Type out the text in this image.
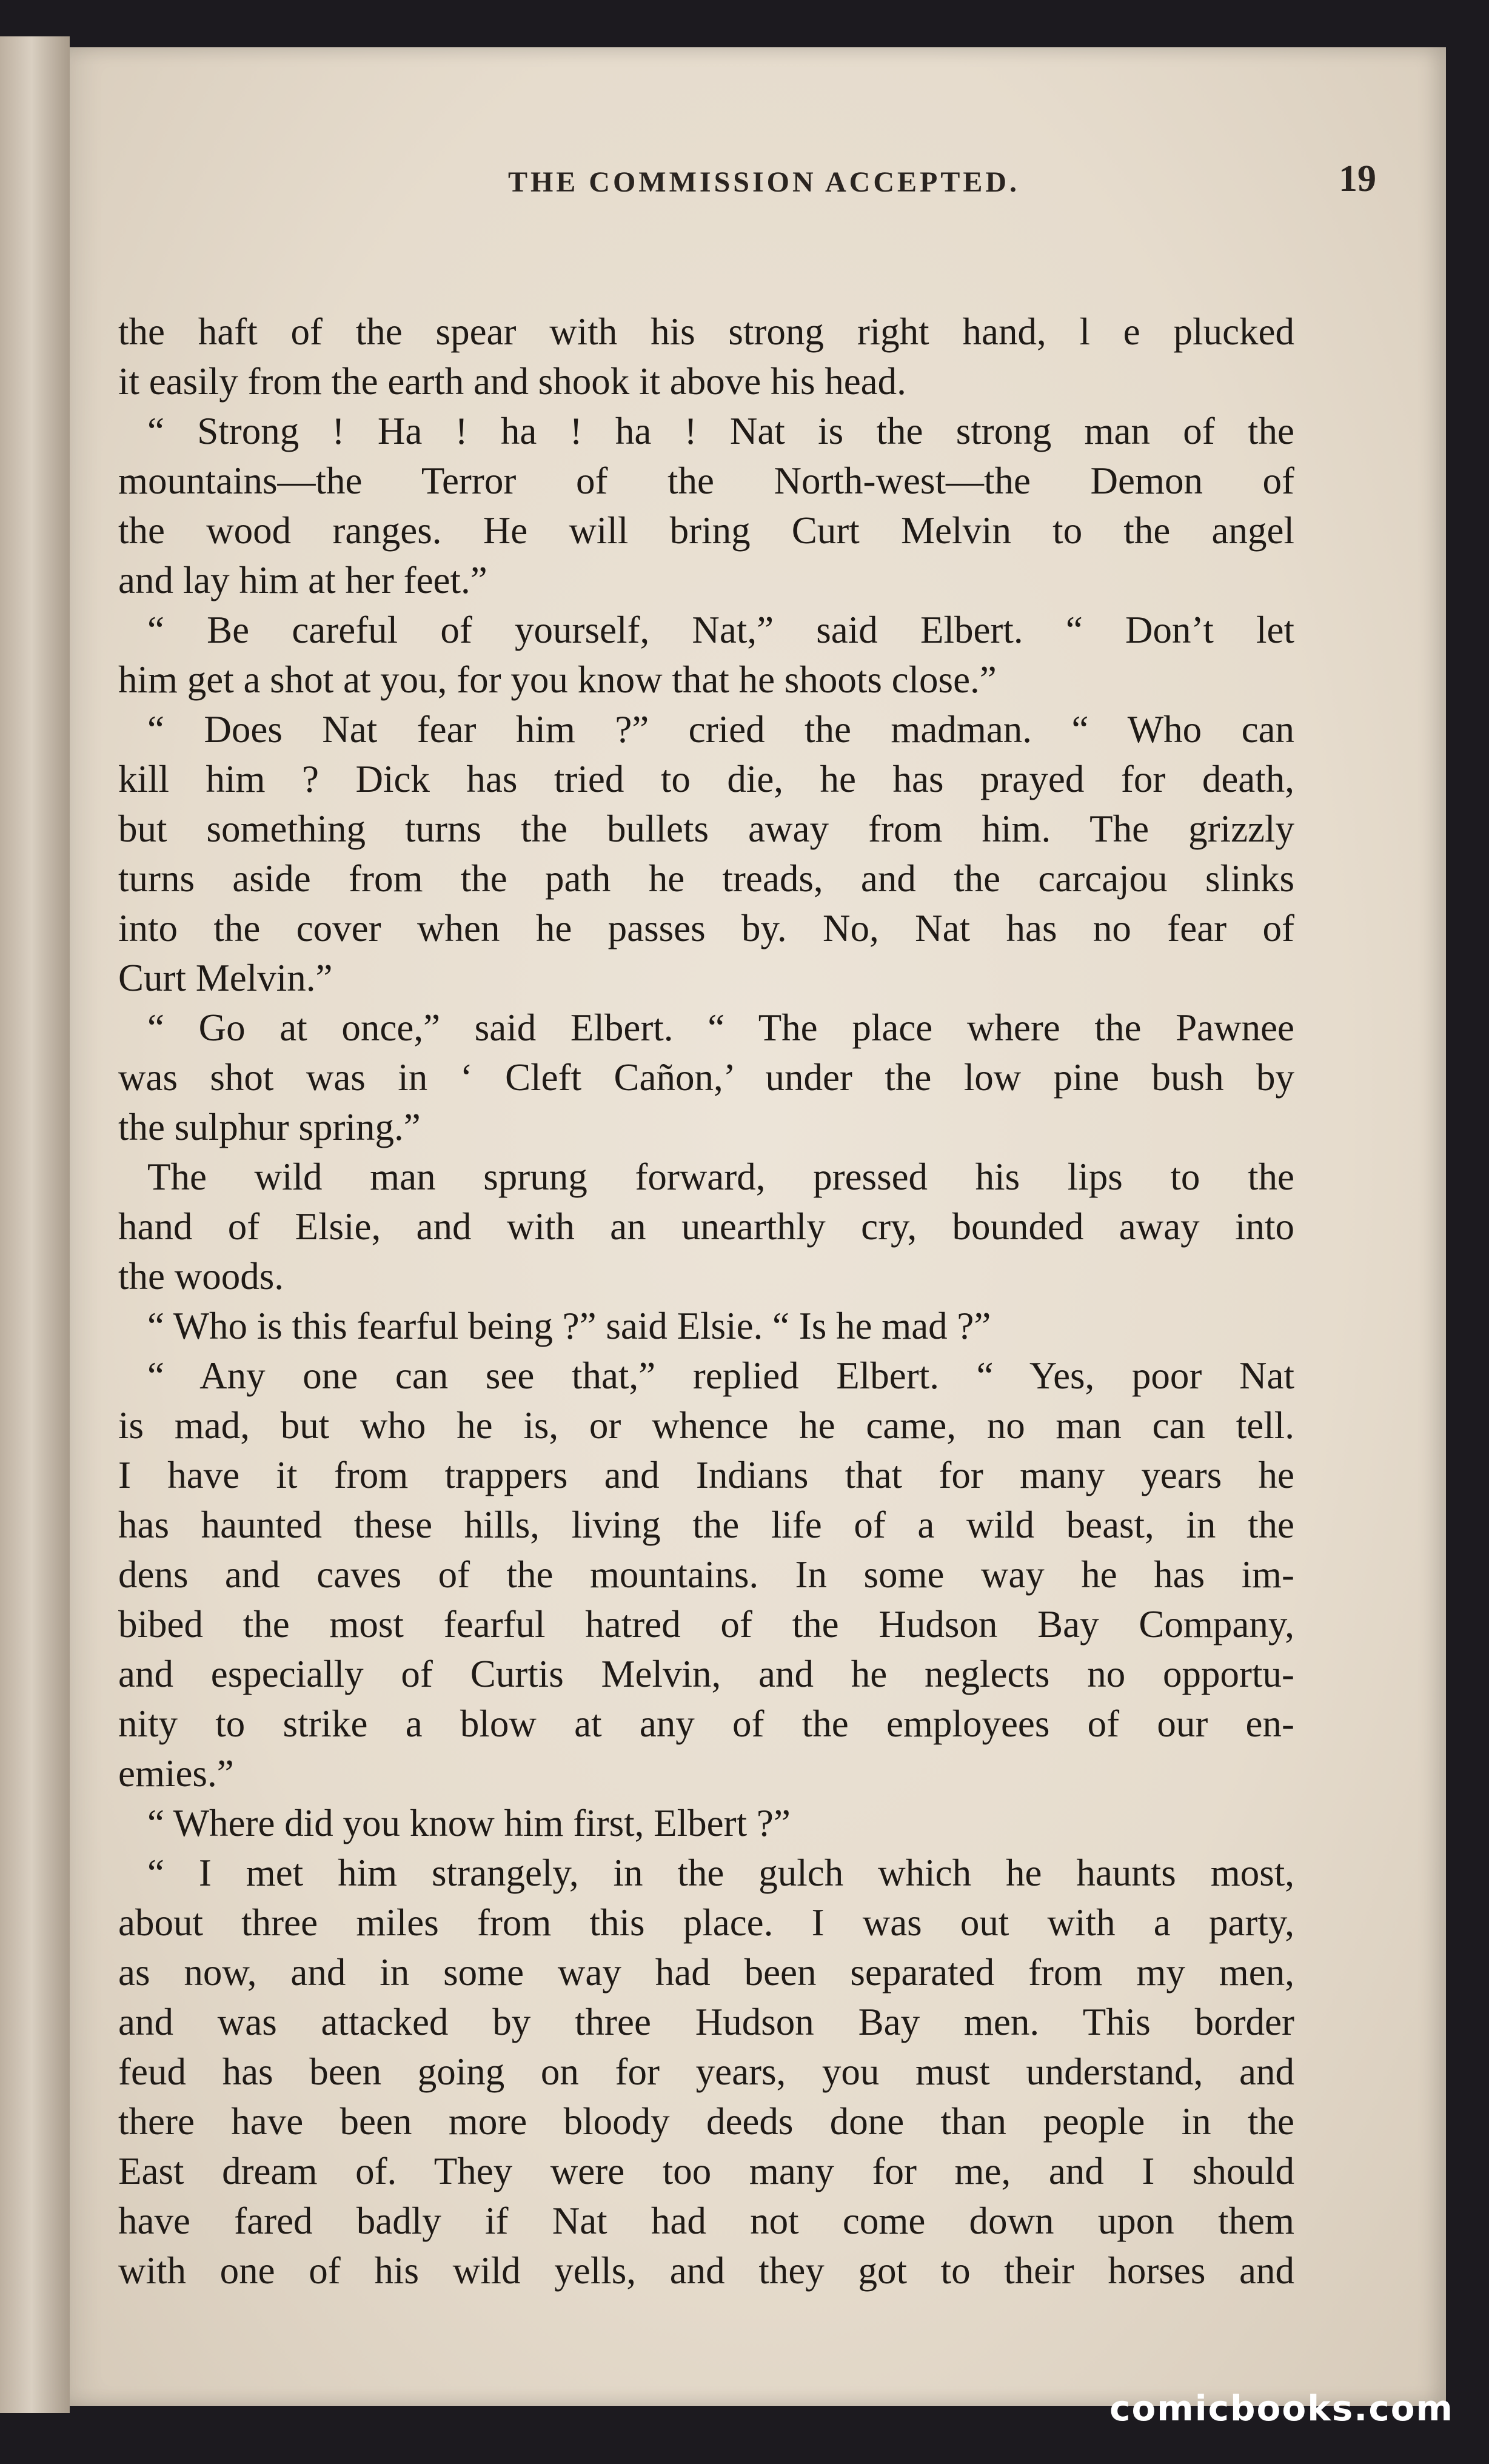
THE COMMISSION ACCEPTED.	19
the haft of the spear with his strong right hand, l e plucked
it easily from the earth and shook it above his head.
“ Strong ! Ha ! ha ! ha ! Nat is the strong man of the
mountains—the Terror of the North-west—the Demon of
the wood ranges. He will bring Curt Melvin to the angel
and lay him at her feet.”
“ Be careful of yourself, Nat,” said Elbert. “ Don’t let
him get a shot at you, for you know that he shoots close.”
“ Does Nat fear him ?” cried the madman. “ Who can
kill him ? Dick has tried to die, he has prayed for death,
but something turns the bullets away from him. The grizzly
turns aside from the path he treads, and the carcajou slinks
into the cover when he passes by. No, Nat has no fear of
Curt Melvin.”
“ Go at once,” said Elbert. “ The place where the Pawnee
was shot was in ‘ Cleft Cañon,’ under the low pine bush by
the sulphur spring.”
The wild man sprung forward, pressed his lips to the
hand of Elsie, and with an unearthly cry, bounded away into
the woods.
“ Who is this fearful being ?” said Elsie. “ Is he mad ?”
“ Any one can see that,” replied Elbert. “ Yes, poor Nat
is mad, but who he is, or whence he came, no man can tell.
I have it from trappers and Indians that for many years he
has haunted these hills, living the life of a wild beast, in the
dens and caves of the mountains. In some way he has im-
bibed the most fearful hatred of the Hudson Bay Company,
and especially of Curtis Melvin, and he neglects no opportu-
nity to strike a blow at any of the employees of our en-
emies.”
“ Where did you know him first, Elbert ?”
“ I met him strangely, in the gulch which he haunts most,
about three miles from this place. I was out with a party,
as now, and in some way had been separated from my men,
and was attacked by three Hudson Bay men. This border
feud has been going on for years, you must understand, and
there have been more bloody deeds done than people in the
East dream of. They were too many for me, and I should
have fared badly if Nat had not come down upon them
with one of his wild yells, and they got to their horses and
comicbooks.com
